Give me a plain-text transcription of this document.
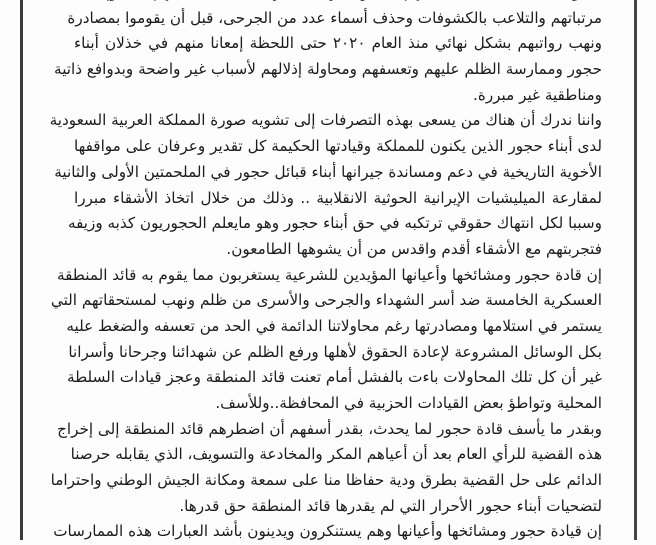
مرتباتهم والتلاعب بالكشوفات وحذف أسماء عدد من الجرحى، قبل أن يقوموا بمصادرة
ونهب رواتبهم بشكل نهائي منذ العام ٢٠٢٠ حتى اللحظة إمعانا منهم في خذلان أبناء
حجور وممارسة الظلم عليهم وتعسفهم ومحاولة إذلالهم لأسباب غير واضحة وبدوافع ذاتية
ومناطقية غير مبررة.
واننا ندرك أن هناك من يسعى بهذه التصرفات إلى تشويه صورة المملكة العربية السعودية
لدى أبناء حجور الذين يكنون للمملكة وقيادتها الحكيمة كل تقدير وعرفان على مواقفها
الأخوية التاريخية في دعم ومساندة جيرانها أبناء قبائل حجور في الملحمتين الأولى والثانية
لمقارعة الميليشيات الإيرانية الحوثية الانقلابية .. وذلك من خلال اتخاذ الأشقاء مبررا
وسببا لكل انتهاك حقوقي ترتكبه في حق أبناء حجور وهو مايعلم الحجوريون كذبه وزيفه
فتجربتهم مع الأشقاء أقدم واقدس من أن يشوهها الطامعون.
إن قادة حجور ومشائخها وأعيانها المؤيدين للشرعية يستغربون مما يقوم به قائد المنطقة
العسكرية الخامسة ضد أسر الشهداء والجرحى والأسرى من ظلم ونهب لمستحقاتهم التي
يستمر في استلامها ومصادرتها رغم محاولاتنا الدائمة في الحد من تعسفه والضغط عليه
بكل الوسائل المشروعة لإعادة الحقوق لأهلها ورفع الظلم عن شهدائنا وجرحانا وأسرانا
غير أن كل تلك المحاولات باءت بالفشل أمام تعنت قائد المنطقة وعجز قيادات السلطة
المحلية وتواطؤ بعض القيادات الحزبية في المحافظة..وللأسف.
وبقدر ما يأسف قادة حجور لما يحدث، بقدر أسفهم أن اضطرهم قائد المنطقة إلى إخراج
هذه القضية للرأي العام بعد أن أعياهم المكر والمخادعة والتسويف، الذي يقابله حرصنا
الدائم على حل القضية بطرق ودية حفاظا منا على سمعة ومكانة الجيش الوطني واحتراما
لتضحيات أبناء حجور الأحرار التي لم يقدرها قائد المنطقة حق قدرها.
إن قيادة حجور ومشائخها وأعيانها وهم يستنكرون ويدينون بأشد العبارات هذه الممارسات
